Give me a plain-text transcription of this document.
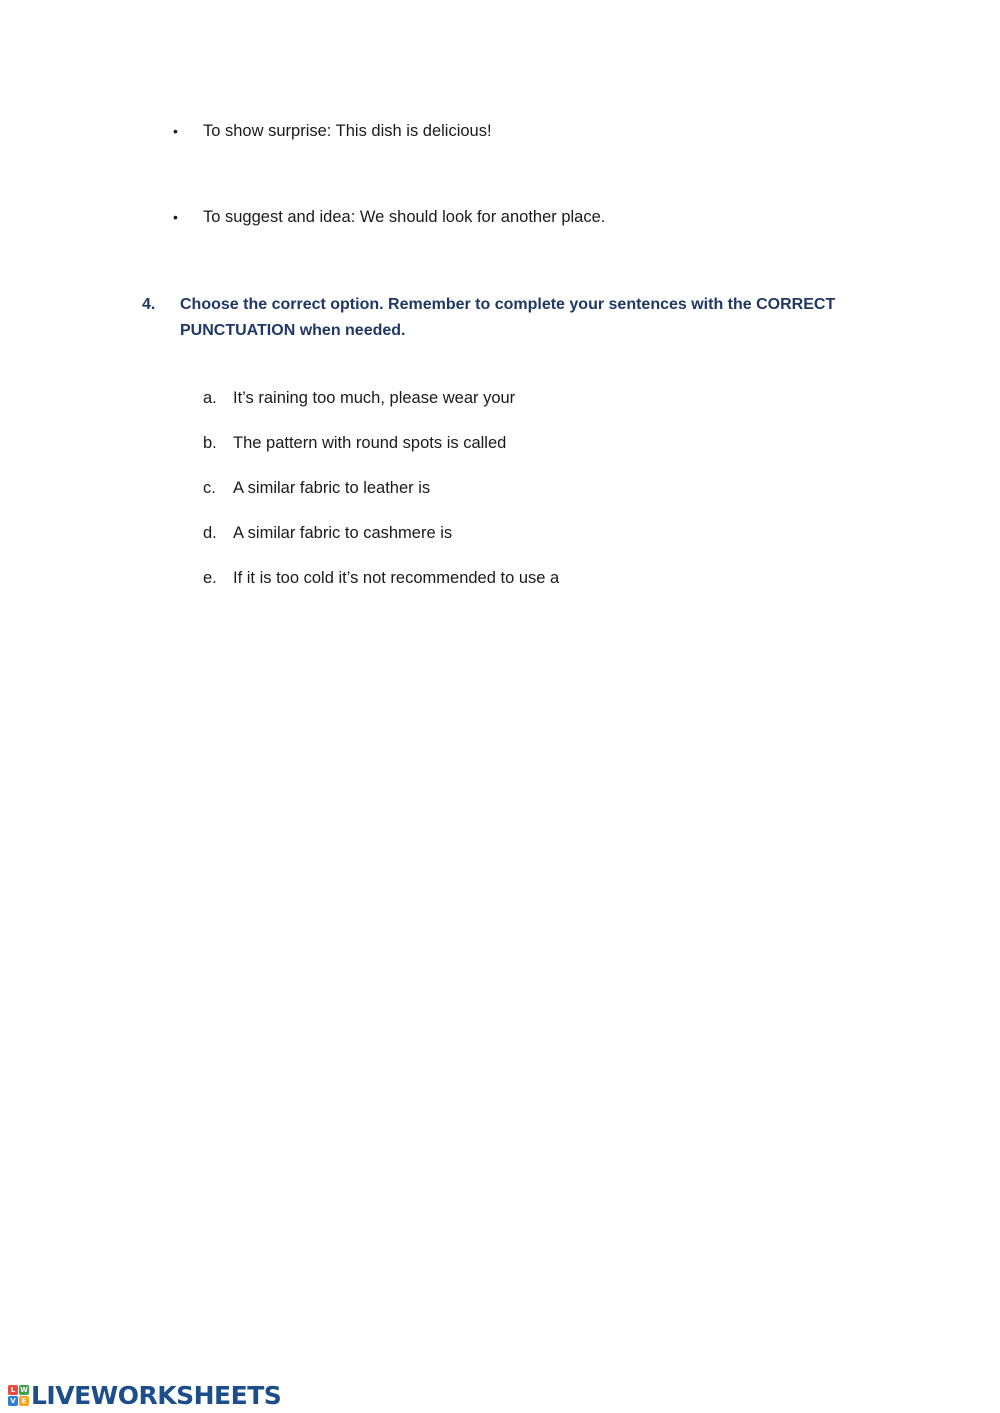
•	To show surprise: This dish is delicious!
•	To suggest and idea: We should look for another place.
4. Choose the correct option. Remember to complete your sentences with the CORRECT PUNCTUATION when needed.
a. It’s raining too much, please wear your
b. The pattern with round spots is called
c. A similar fabric to leather is
d. A similar fabric to cashmere is
e. If it is too cold it’s not recommended to use a
L W
V E LIVEWORKSHEETS
